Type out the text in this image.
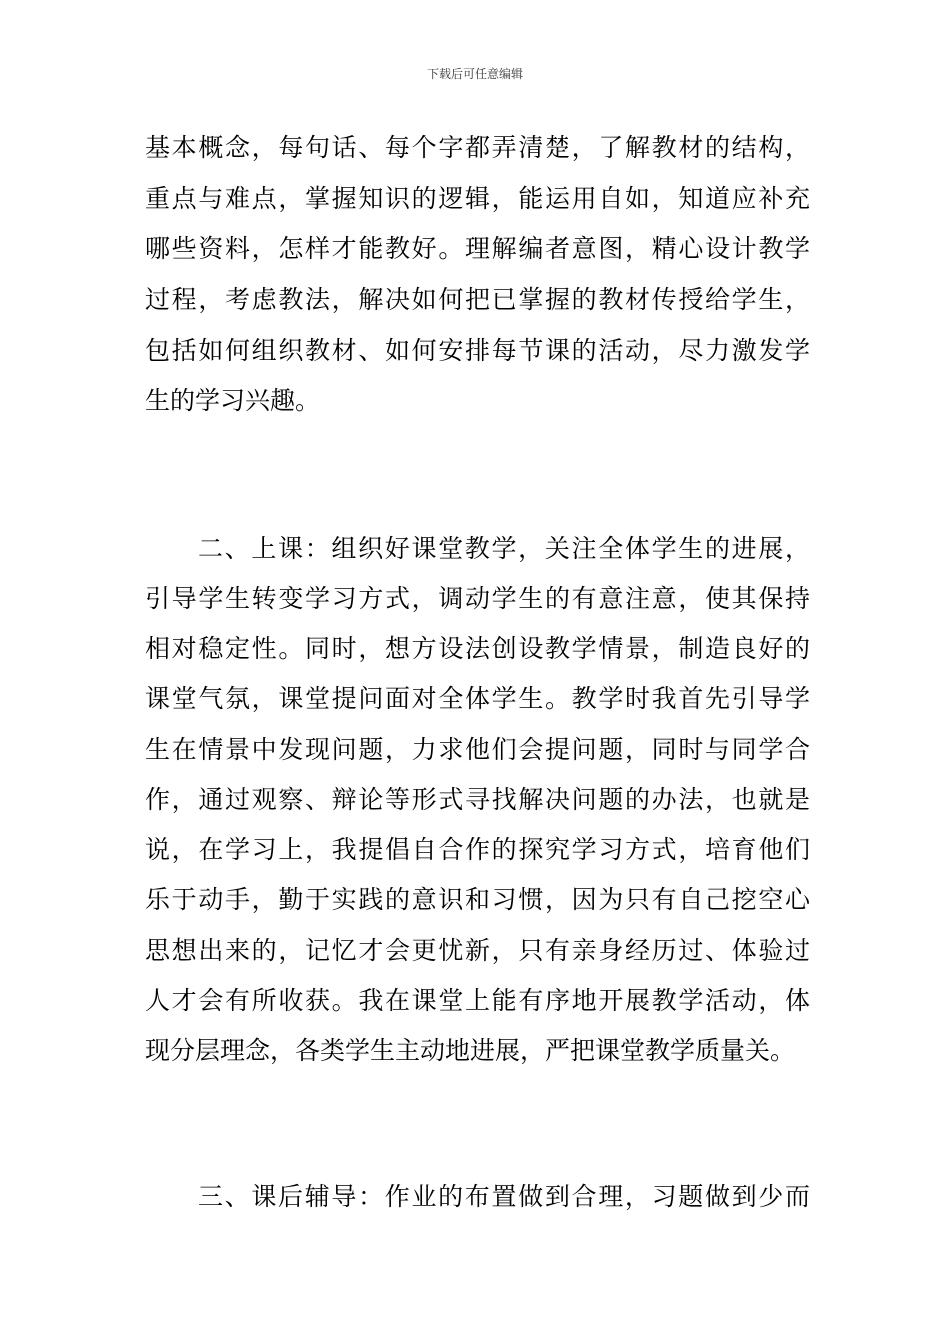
下载后可任意编辑
基本概念，每句话、每个字都弄清楚，了解教材的结构，
重点与难点，掌握知识的逻辑，能运用自如，知道应补充
哪些资料，怎样才能教好。理解编者意图，精心设计教学
过程，考虑教法，解决如何把已掌握的教材传授给学生，
包括如何组织教材、如何安排每节课的活动，尽力激发学
生的学习兴趣。
二、上课：组织好课堂教学，关注全体学生的进展，
引导学生转变学习方式，调动学生的有意注意，使其保持
相对稳定性。同时，想方设法创设教学情景，制造良好的
课堂气氛，课堂提问面对全体学生。教学时我首先引导学
生在情景中发现问题，力求他们会提问题，同时与同学合
作，通过观察、辩论等形式寻找解决问题的办法，也就是
说，在学习上，我提倡自合作的探究学习方式，培育他们
乐于动手，勤于实践的意识和习惯，因为只有自己挖空心
思想出来的，记忆才会更忧新，只有亲身经历过、体验过
人才会有所收获。我在课堂上能有序地开展教学活动，体
现分层理念，各类学生主动地进展，严把课堂教学质量关。
三、课后辅导：作业的布置做到合理，习题做到少而
